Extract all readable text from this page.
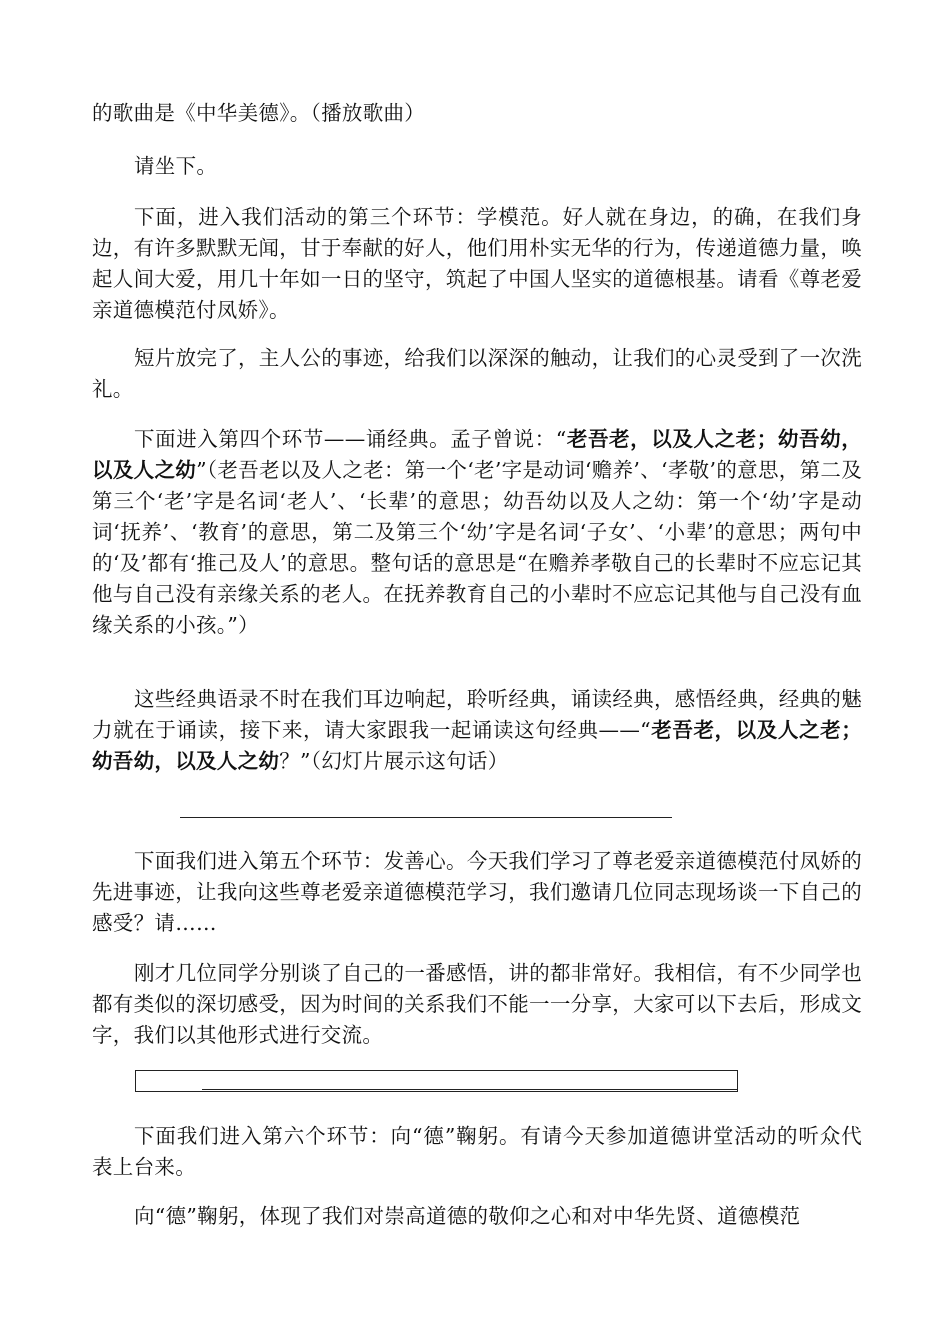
的歌曲是《中华美德》。（播放歌曲）

请坐下。

下面，进入我们活动的第三个环节：学模范。好人就在身边，的确，在我们身边，有许多默默无闻，甘于奉献的好人，他们用朴实无华的行为，传递道德力量，唤起人间大爱，用几十年如一日的坚守，筑起了中国人坚实的道德根基。请看《尊老爱亲道德模范付凤娇》。

短片放完了，主人公的事迹，给我们以深深的触动，让我们的心灵受到了一次洗礼。

下面进入第四个环节——诵经典。孟子曾说：“老吾老，以及人之老；幼吾幼，以及人之幼”（老吾老以及人之老：第一个‘老’字是动词‘赡养’、‘孝敬’的意思，第二及第三个‘老’字是名词‘老人’、‘长辈’的意思；幼吾幼以及人之幼：第一个‘幼’字是动词‘抚养’、‘教育’的意思，第二及第三个‘幼’字是名词‘子女’、‘小辈’的意思；两句中的‘及’都有‘推己及人’的意思。整句话的意思是“在赡养孝敬自己的长辈时不应忘记其他与自己没有亲缘关系的老人。在抚养教育自己的小辈时不应忘记其他与自己没有血缘关系的小孩。”）

这些经典语录不时在我们耳边响起，聆听经典，诵读经典，感悟经典，经典的魅力就在于诵读，接下来，请大家跟我一起诵读这句经典——“老吾老，以及人之老；幼吾幼，以及人之幼？”（幻灯片展示这句话）

下面我们进入第五个环节：发善心。今天我们学习了尊老爱亲道德模范付凤娇的先进事迹，让我向这些尊老爱亲道德模范学习，我们邀请几位同志现场谈一下自己的感受？请……

刚才几位同学分别谈了自己的一番感悟，讲的都非常好。我相信，有不少同学也都有类似的深切感受，因为时间的关系我们不能一一分享，大家可以下去后，形成文字，我们以其他形式进行交流。

下面我们进入第六个环节：向“德”鞠躬。有请今天参加道德讲堂活动的听众代表上台来。

向“德”鞠躬，体现了我们对崇高道德的敬仰之心和对中华先贤、道德模范
